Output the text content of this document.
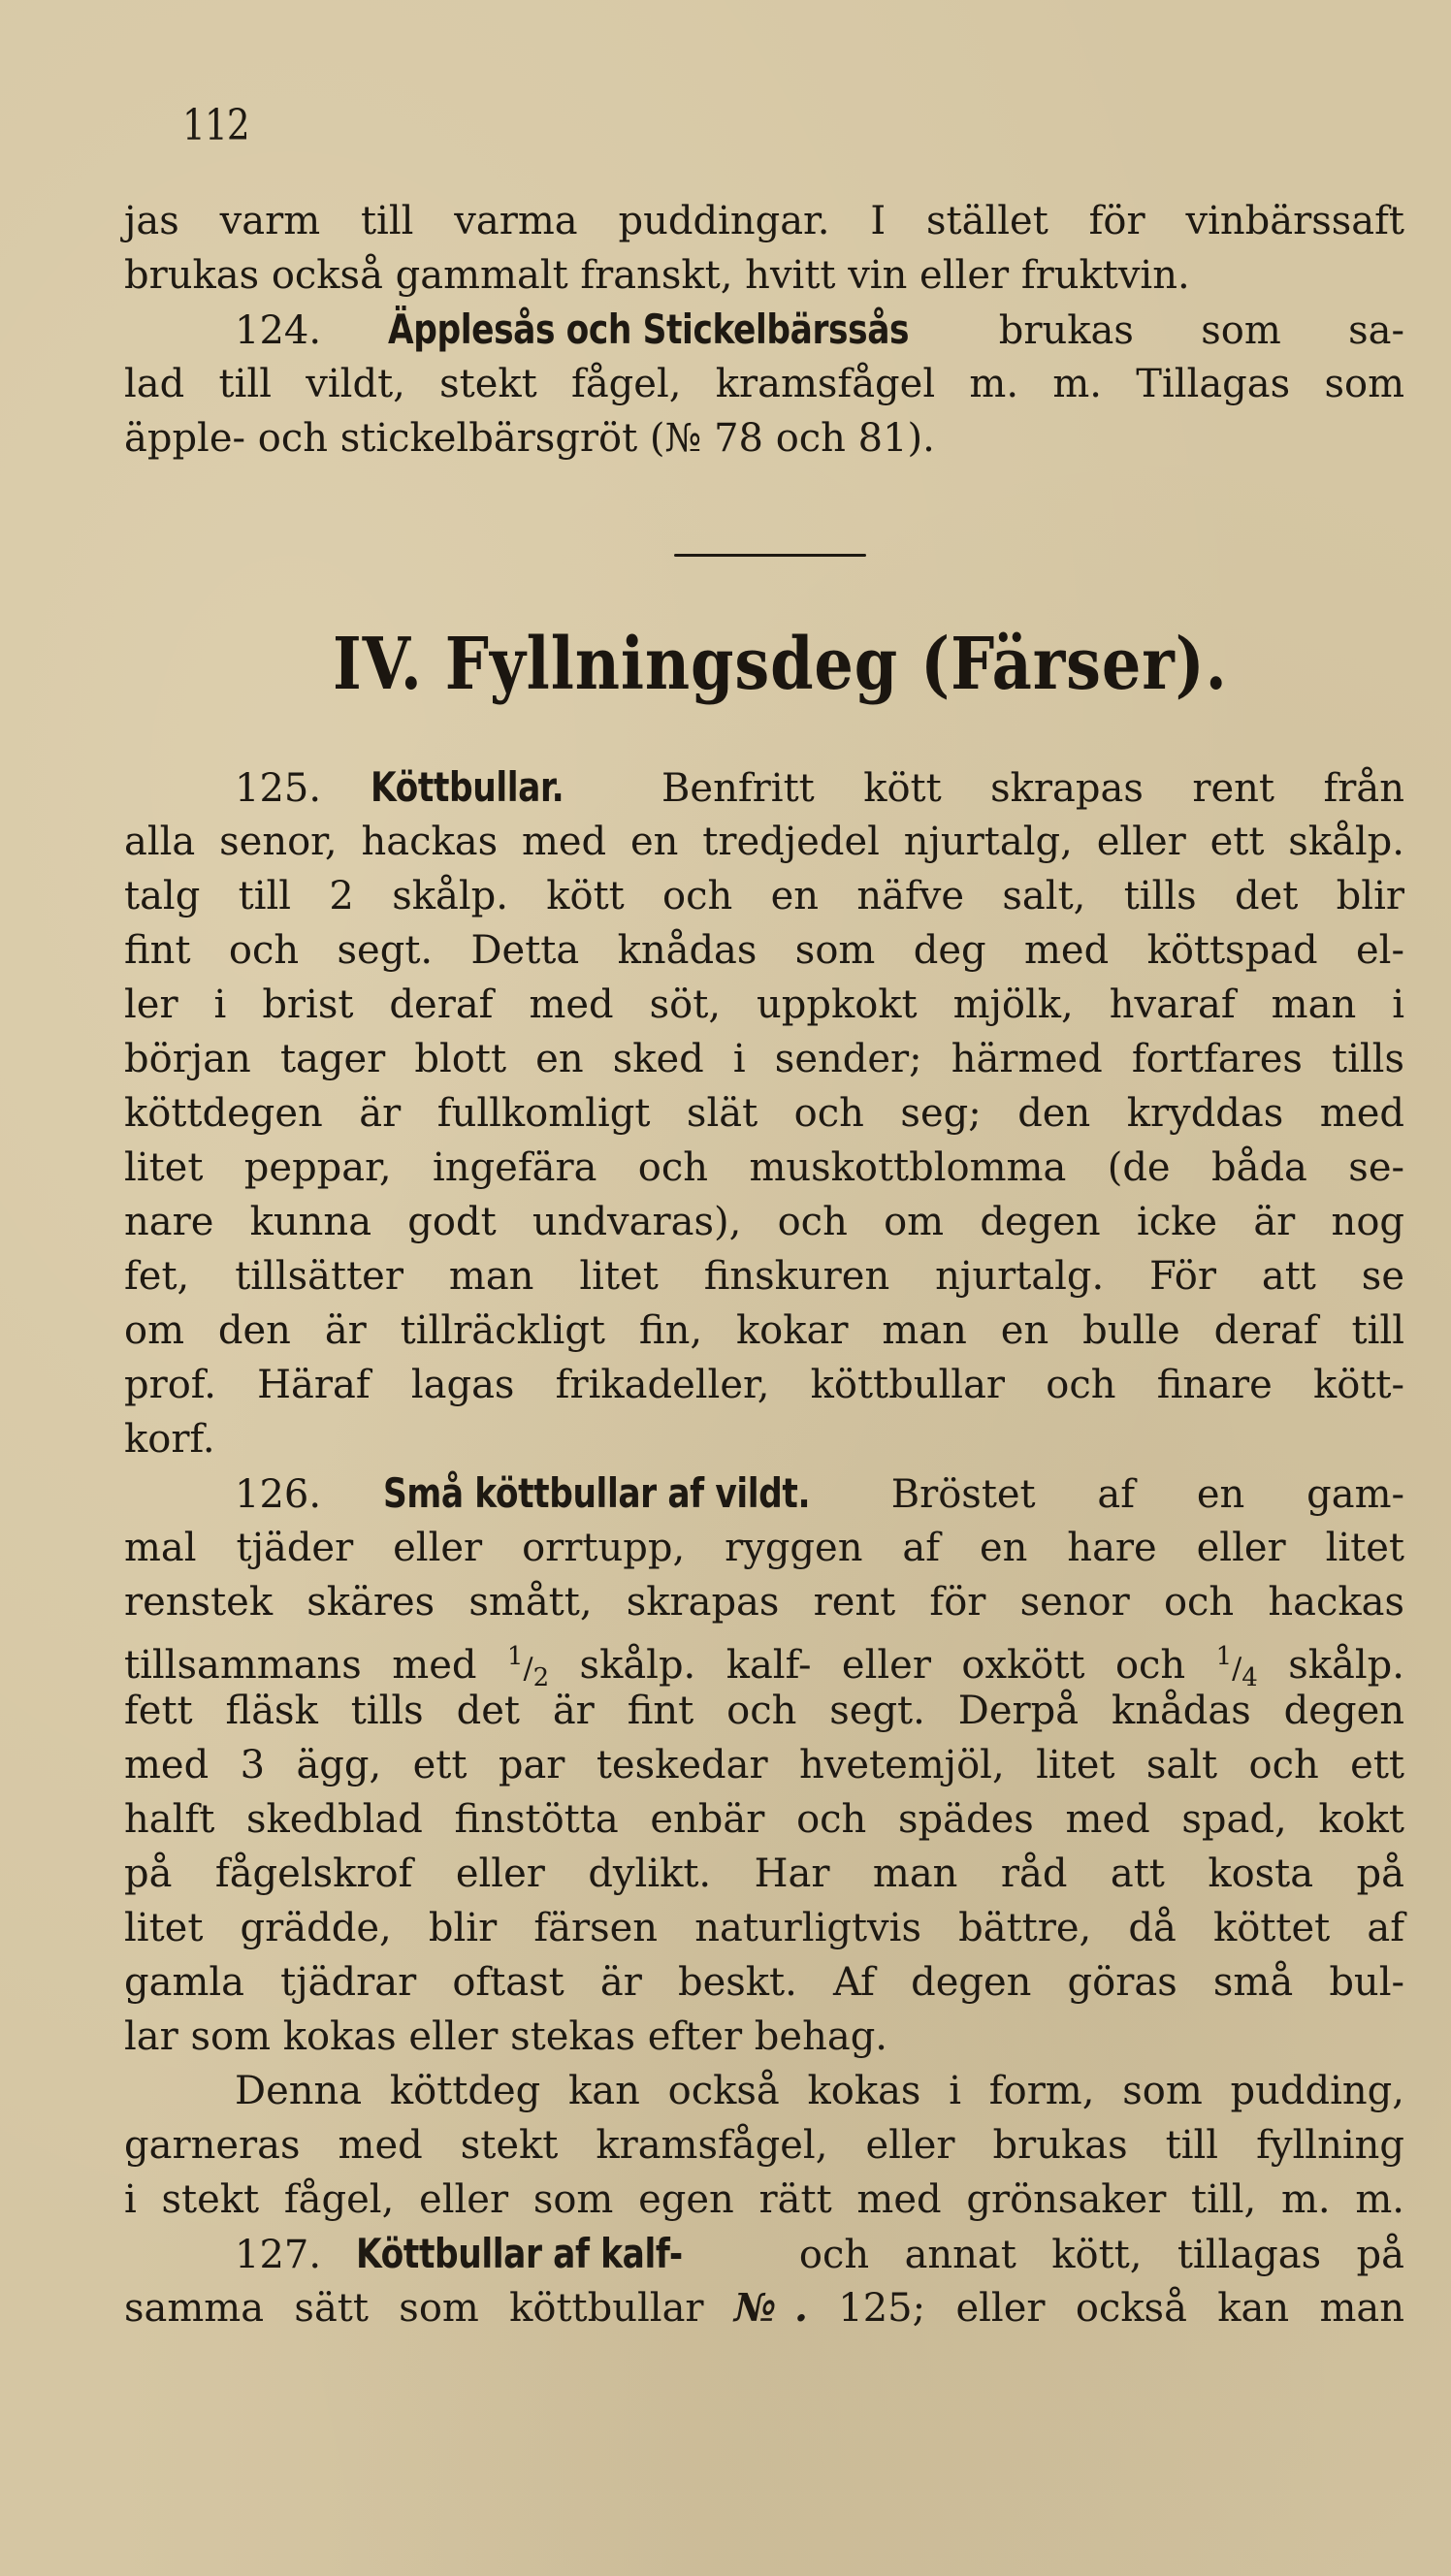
112
jas varm till varma puddingar. I stället för vinbärssaft
brukas också gammalt franskt, hvitt vin eller fruktvin.
124. Äpplesås och Stickelbärssås brukas som sa-
lad till vildt, stekt fågel, kramsfågel m. m. Tillagas som
äpple- och stickelbärsgröt (№ 78 och 81).
IV. Fyllningsdeg (Färser).
125. Köttbullar.	Benfritt kött skrapas rent från
alla senor, hackas med en tredjedel njurtalg, eller ett skålp.
talg till 2 skålp. kött och en näfve salt, tills det blir
fint och segt. Detta knådas som deg med köttspad el-
ler i brist deraf med söt, uppkokt mjölk, hvaraf man i
början tager blott en sked i sender; härmed fortfares tills
köttdegen är fullkomligt slät och seg; den kryddas med
litet peppar, ingefära och muskottblomma (de båda se-
nare kunna godt undvaras), och om degen icke är nog
fet, tillsätter man litet finskuren njurtalg. För att se
om den är tillräckligt fin, kokar man en bulle deraf till
prof. Häraf lagas frikadeller, köttbullar och finare kött-
korf.
126. Små köttbullar af vildt. Bröstet af en gam-
mal tjäder eller orrtupp, ryggen af en hare eller litet
renstek skäres smått, skrapas rent för senor och hackas
tillsammans med $^1/_2$ skålp. kalf- eller oxkött och $^1/_4$ skålp.
fett fläsk tills det är fint och segt. Derpå knådas degen
med 3 ägg, ett par teskedar hvetemjöl, litet salt och ett
halft skedblad finstötta enbär och spädes med spad, kokt
på fågelskrof eller dylikt. Har man råd att kosta på
litet grädde, blir färsen naturligtvis bättre, då köttet af
gamla tjädrar oftast är beskt. Af degen göras små bul-
lar som kokas eller stekas efter behag.
Denna köttdeg kan också kokas i form, som pudding,
garneras med stekt kramsfågel, eller brukas till fyllning
i stekt fågel, eller som egen rätt med grönsaker till, m. m.
127. Köttbullar af kalf-	och annat kött, tillagas på
samma sätt som köttbullar №. 125; eller också kan man
